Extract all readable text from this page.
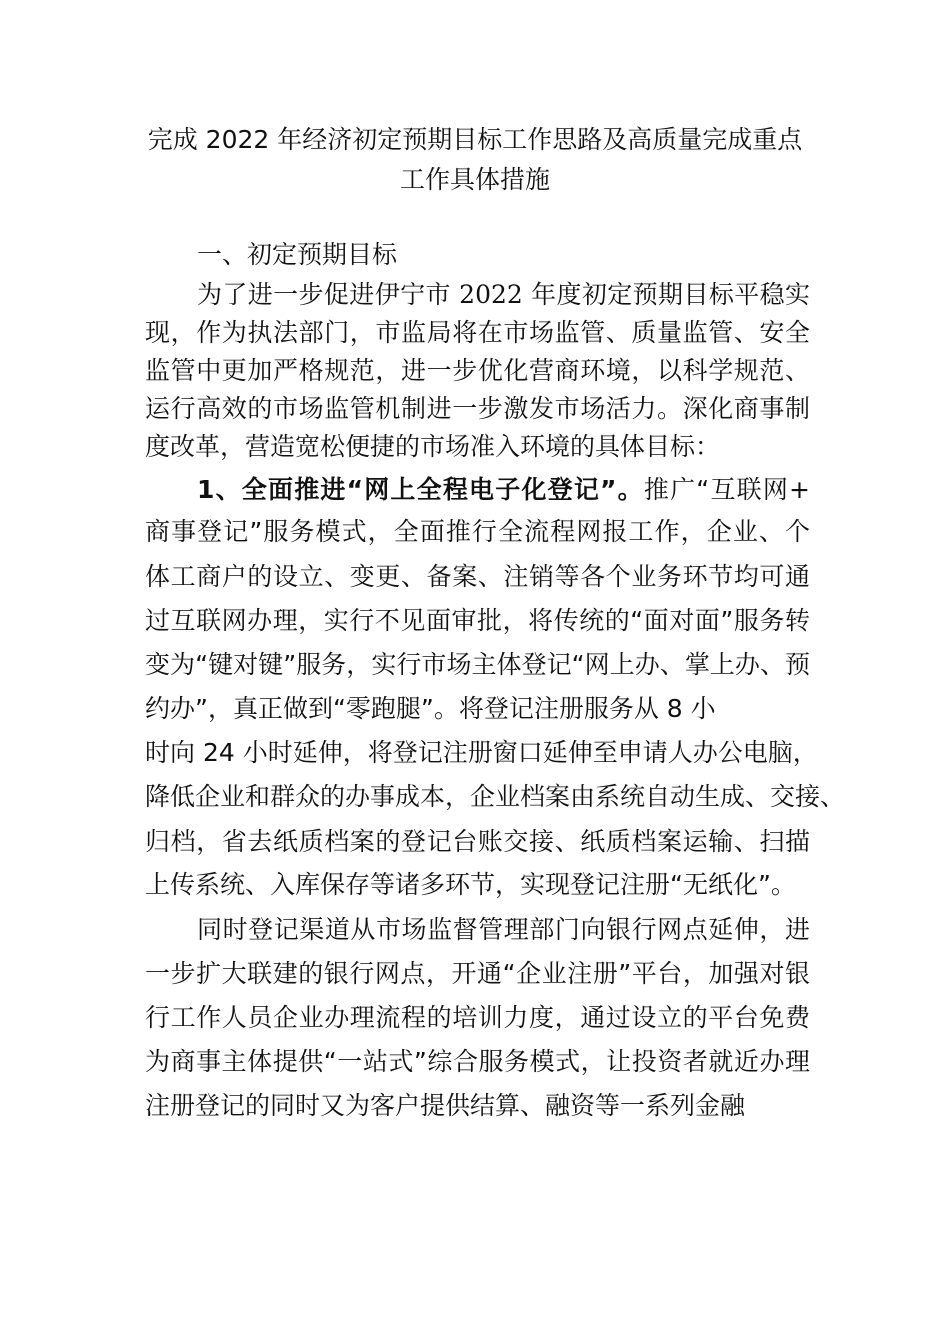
完成 2022 年经济初定预期目标工作思路及高质量完成重点
工作具体措施
一、初定预期目标
为了进一步促进伊宁市 2022 年度初定预期目标平稳实
现，作为执法部门，市监局将在市场监管、质量监管、安全
监管中更加严格规范，进一步优化营商环境，以科学规范、
运行高效的市场监管机制进一步激发市场活力。深化商事制
度改革，营造宽松便捷的市场准入环境的具体目标：
1、全面推进“网上全程电子化登记”。推广“互联网+
商事登记”服务模式，全面推行全流程网报工作，企业、个
体工商户的设立、变更、备案、注销等各个业务环节均可通
过互联网办理，实行不见面审批，将传统的“面对面”服务转
变为“键对键”服务，实行市场主体登记“网上办、掌上办、预
约办”，真正做到“零跑腿”。将登记注册服务从 8 小
时向 24 小时延伸，将登记注册窗口延伸至申请人办公电脑，
降低企业和群众的办事成本，企业档案由系统自动生成、交接、
归档，省去纸质档案的登记台账交接、纸质档案运输、扫描
上传系统、入库保存等诸多环节，实现登记注册“无纸化”。
同时登记渠道从市场监督管理部门向银行网点延伸，进
一步扩大联建的银行网点，开通“企业注册”平台，加强对银
行工作人员企业办理流程的培训力度，通过设立的平台免费
为商事主体提供“一站式”综合服务模式，让投资者就近办理
注册登记的同时又为客户提供结算、融资等一系列金融
